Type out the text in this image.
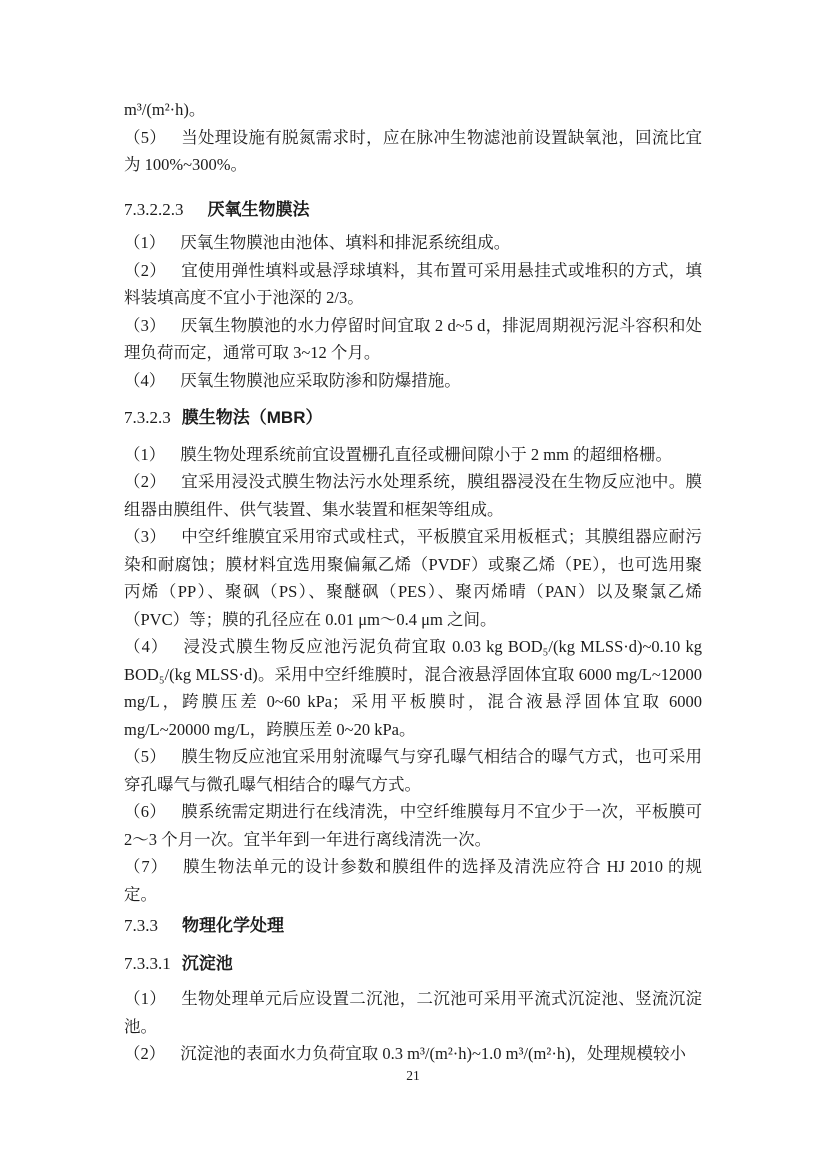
m³/(m²·h)。

（5） 当处理设施有脱氮需求时，应在脉冲生物滤池前设置缺氧池，回流比宜为 100%~300%。

7.3.2.2.3 厌氧生物膜法

（1） 厌氧生物膜池由池体、填料和排泥系统组成。

（2） 宜使用弹性填料或悬浮球填料，其布置可采用悬挂式或堆积的方式，填料装填高度不宜小于池深的 2/3。

（3） 厌氧生物膜池的水力停留时间宜取 2 d~5 d，排泥周期视污泥斗容积和处理负荷而定，通常可取 3~12 个月。

（4） 厌氧生物膜池应采取防渗和防爆措施。

7.3.2.3 膜生物法（MBR）

（1） 膜生物处理系统前宜设置栅孔直径或栅间隙小于 2 mm 的超细格栅。

（2） 宜采用浸没式膜生物法污水处理系统，膜组器浸没在生物反应池中。膜组器由膜组件、供气装置、集水装置和框架等组成。

（3） 中空纤维膜宜采用帘式或柱式，平板膜宜采用板框式；其膜组器应耐污染和耐腐蚀；膜材料宜选用聚偏氟乙烯（PVDF）或聚乙烯（PE），也可选用聚丙烯（PP）、聚砜（PS）、聚醚砜（PES）、聚丙烯晴（PAN）以及聚氯乙烯（PVC）等；膜的孔径应在 0.01 μm～0.4 μm 之间。

（4） 浸没式膜生物反应池污泥负荷宜取 0.03 kg BOD₅/(kg MLSS·d)~0.10 kg BOD₅/(kg MLSS·d)。采用中空纤维膜时，混合液悬浮固体宜取 6000 mg/L~12000 mg/L，跨膜压差 0~60 kPa；采用平板膜时，混合液悬浮固体宜取 6000 mg/L~20000 mg/L，跨膜压差 0~20 kPa。

（5） 膜生物反应池宜采用射流曝气与穿孔曝气相结合的曝气方式，也可采用穿孔曝气与微孔曝气相结合的曝气方式。

（6） 膜系统需定期进行在线清洗，中空纤维膜每月不宜少于一次，平板膜可 2～3 个月一次。宜半年到一年进行离线清洗一次。

（7） 膜生物法单元的设计参数和膜组件的选择及清洗应符合 HJ 2010 的规定。

7.3.3 物理化学处理
7.3.3.1 沉淀池

（1） 生物处理单元后应设置二沉池，二沉池可采用平流式沉淀池、竖流沉淀池。

（2） 沉淀池的表面水力负荷宜取 0.3 m³/(m²·h)~1.0 m³/(m²·h)，处理规模较小

21
